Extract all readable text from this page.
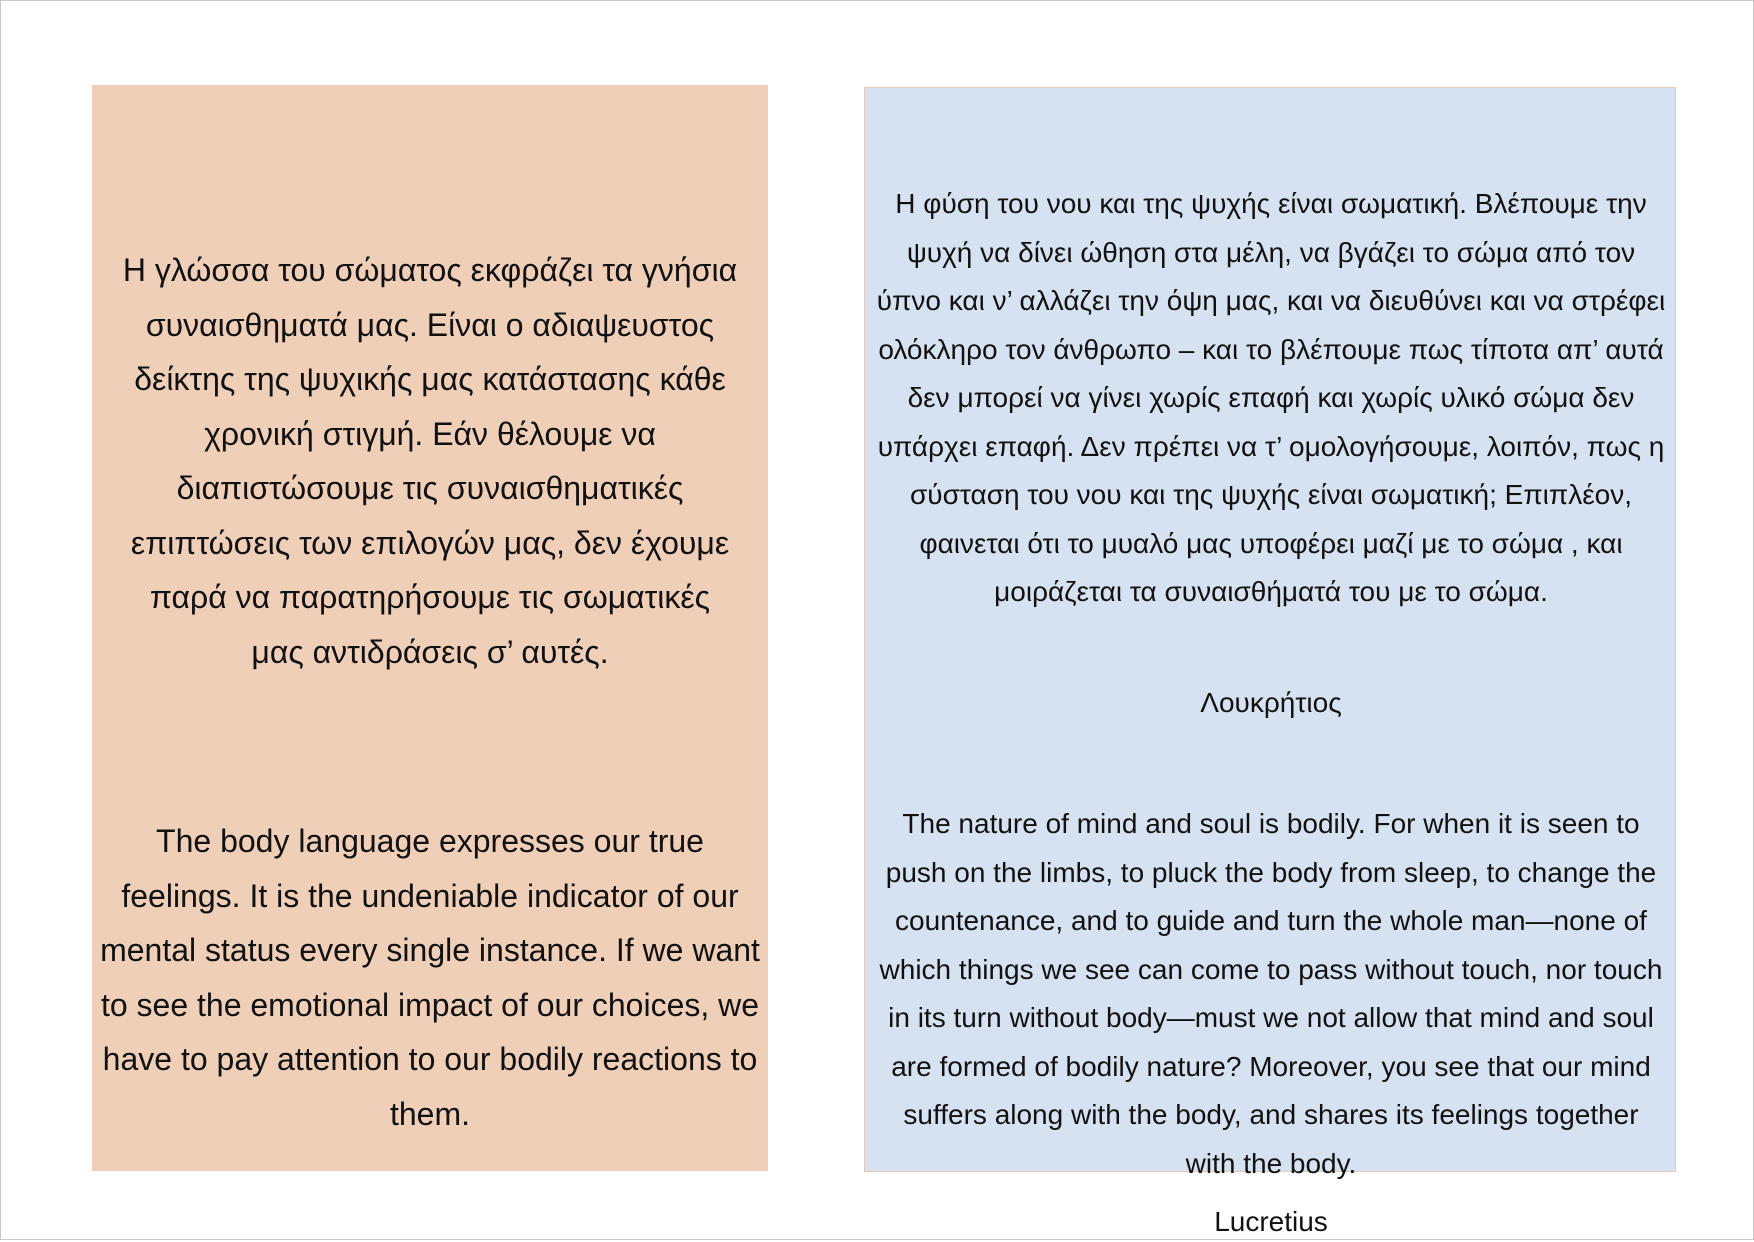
Η γλώσσα του σώματος εκφράζει τα γνήσια συναισθηματά μας. Είναι ο αδιαψευστος δείκτης της ψυχικής μας κατάστασης κάθε χρονική στιγμή. Εάν θέλουμε να διαπιστώσουμε τις συναισθηματικές επιπτώσεις των επιλογών μας, δεν έχουμε παρά να παρατηρήσουμε τις σωματικές μας αντιδράσεις σ’ αυτές.
The body language expresses our true feelings. It is the undeniable indicator of our mental status every single instance. If we want to see the emotional impact of our choices, we have to pay attention to our bodily reactions to them.
Η φύση του νου και της ψυχής είναι σωματική. Βλέπουμε την ψυχή να δίνει ώθηση στα μέλη, να βγάζει το σώμα από τον ύπνο και ν’ αλλάζει την όψη μας, και να διευθύνει και να στρέφει ολόκληρο τον άνθρωπο – και το βλέπουμε πως τίποτα απ’ αυτά δεν μπορεί να γίνει χωρίς επαφή και χωρίς υλικό σώμα δεν υπάρχει επαφή. Δεν πρέπει να τ’ ομολογήσουμε, λοιπόν, πως η σύσταση του νου και της ψυχής είναι σωματική; Επιπλέον, φαινεται ότι το μυαλό μας υποφέρει μαζί με το σώμα , και μοιράζεται τα συναισθήματά του με το σώμα.
Λουκρήτιος
The nature of mind and soul is bodily. For when it is seen to push on the limbs, to pluck the body from sleep, to change the countenance, and to guide and turn the whole man—none of which things we see can come to pass without touch, nor touch in its turn without body—must we not allow that mind and soul are formed of bodily nature? Moreover, you see that our mind suffers along with the body, and shares its feelings together with the body.
Lucretius
